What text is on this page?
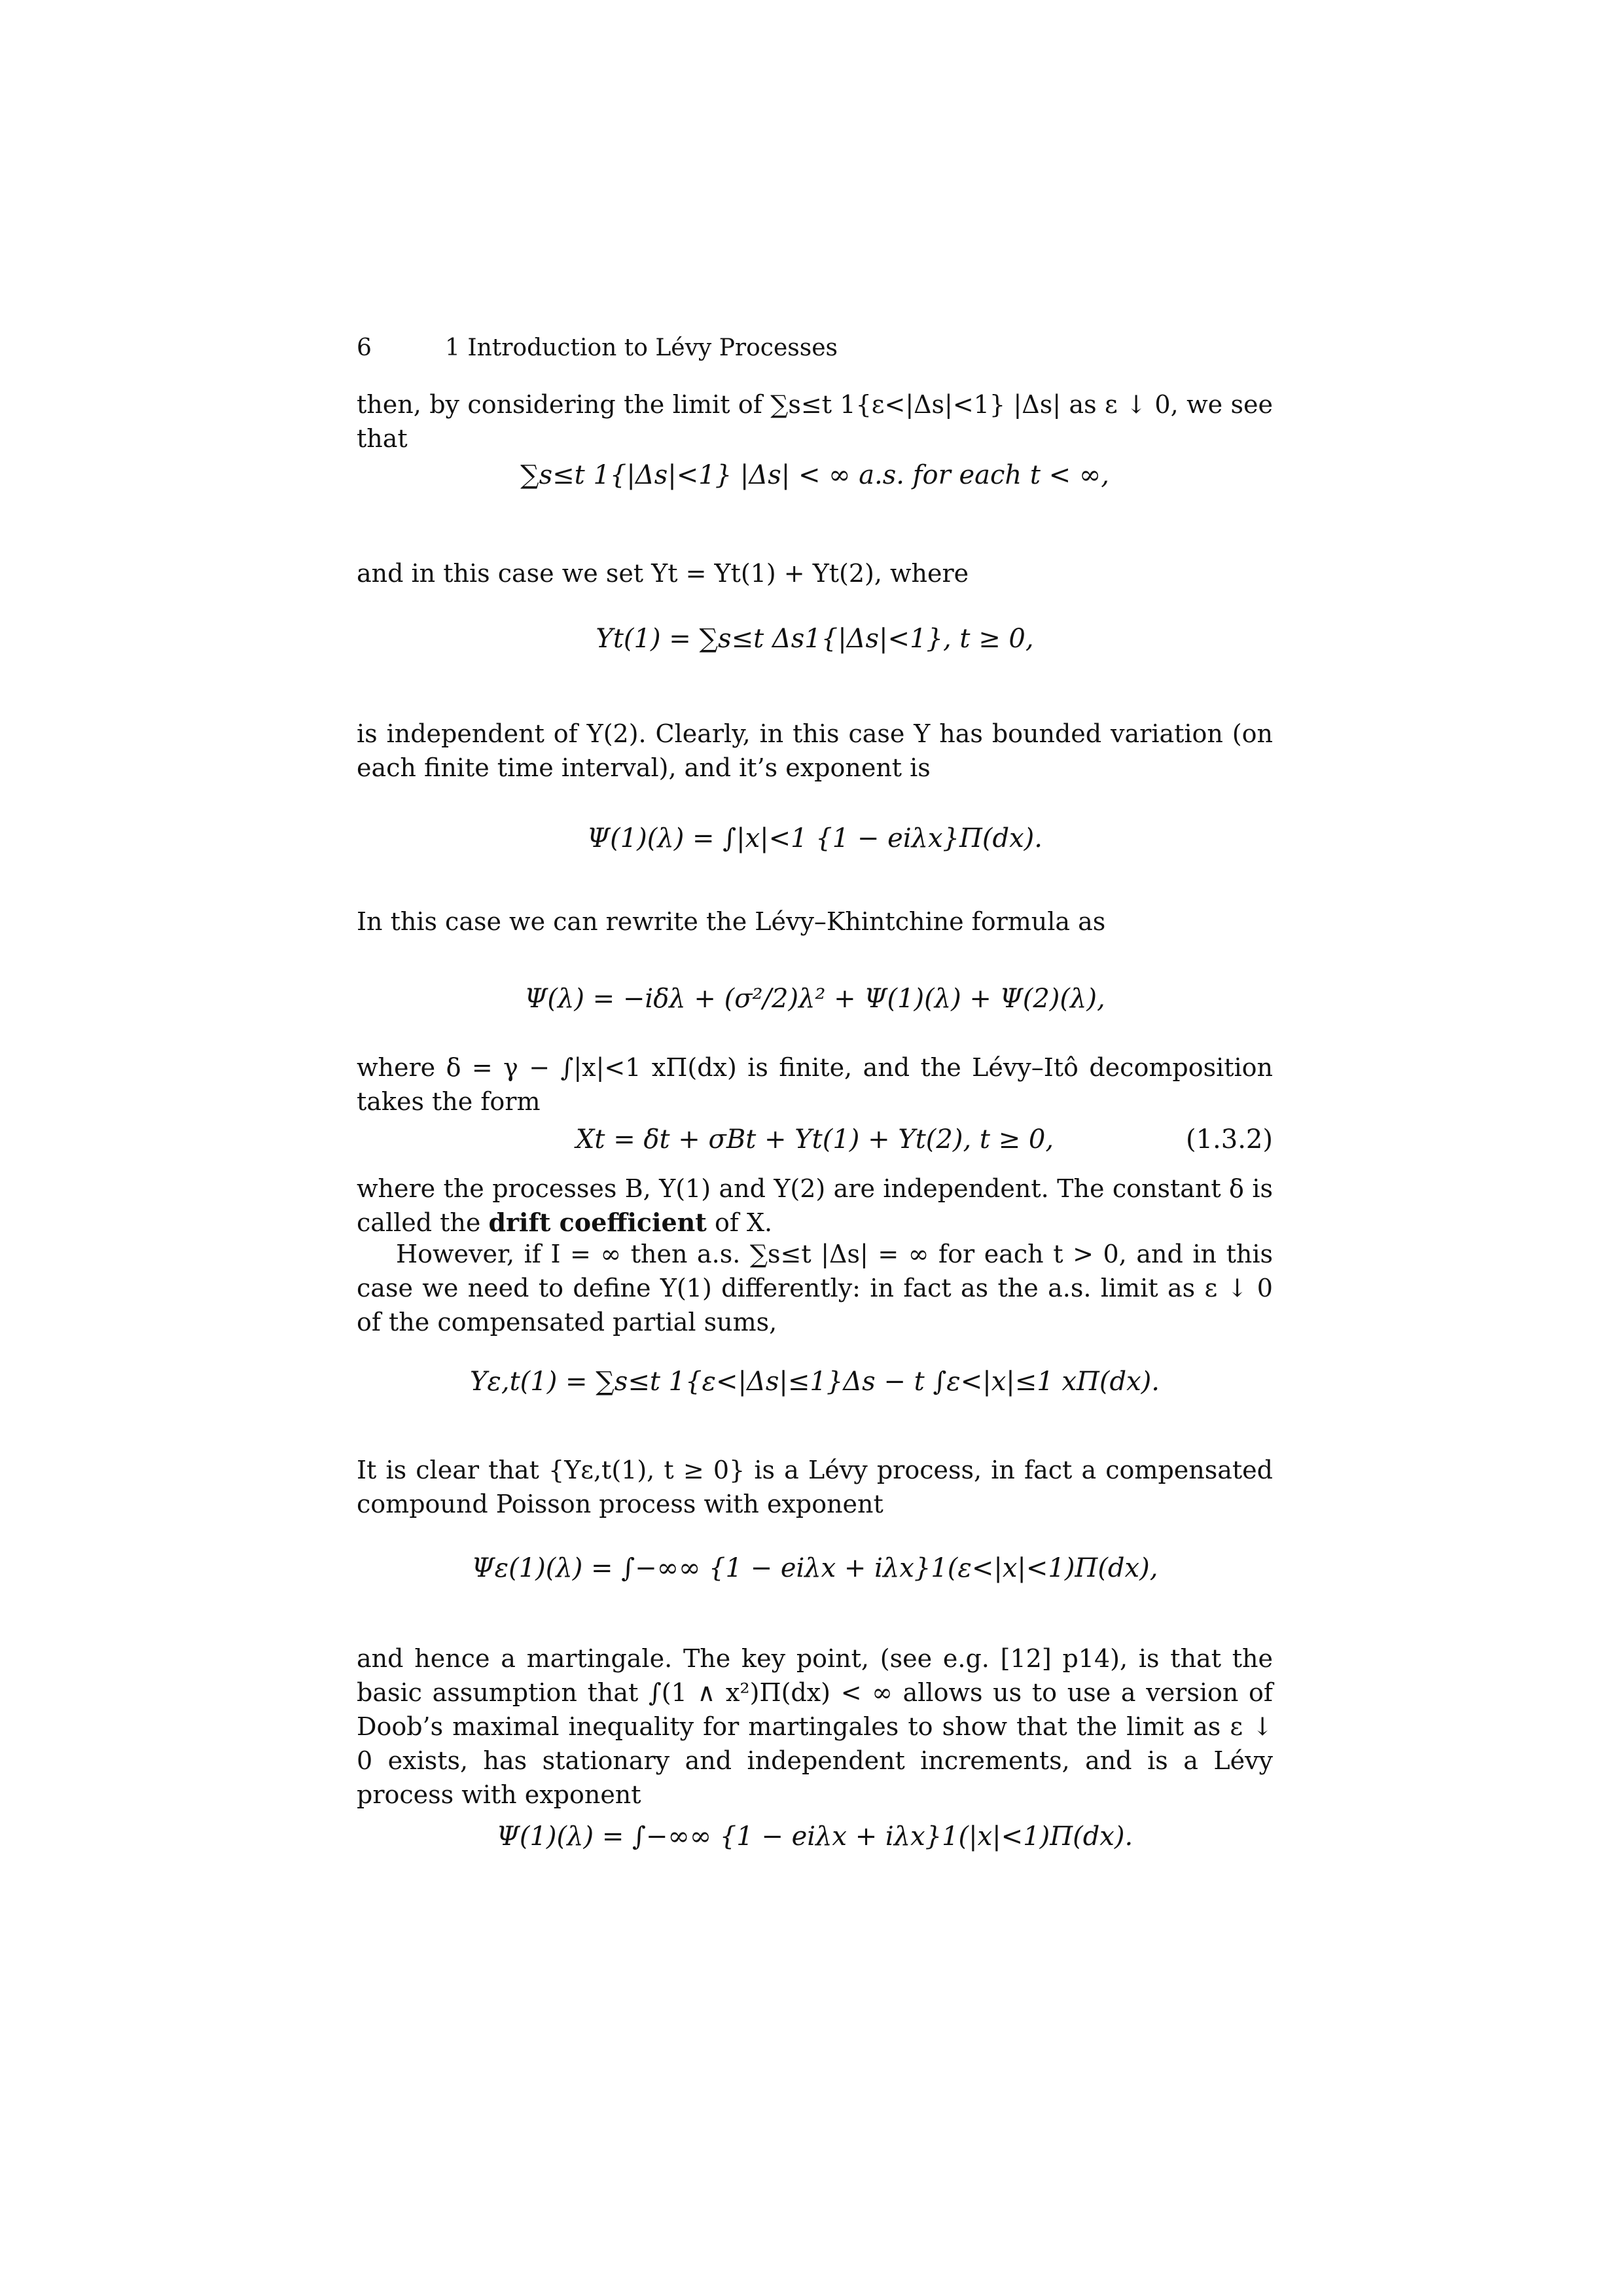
6	1 Introduction to Lévy Processes
then, by considering the limit of ∑s≤t 1{ε<|Δs|<1} |Δs| as ε ↓ 0, we see that
∑s≤t 1{|Δs|<1} |Δs| < ∞ a.s. for each t < ∞,
and in this case we set Yt = Yt(1) + Yt(2), where
Yt(1) = ∑s≤t Δs1{|Δs|<1}, t ≥ 0,
is independent of Y(2). Clearly, in this case Y has bounded variation (on each finite time interval), and it’s exponent is
Ψ(1)(λ) = ∫|x|<1 {1 − eiλx}Π(dx).
In this case we can rewrite the Lévy–Khintchine formula as
Ψ(λ) = −iδλ + (σ²/2)λ² + Ψ(1)(λ) + Ψ(2)(λ),
where δ = γ − ∫|x|<1 xΠ(dx) is finite, and the Lévy–Itô decomposition takes the form
Xt = δt + σBt + Yt(1) + Yt(2), t ≥ 0,	(1.3.2)
where the processes B, Y(1) and Y(2) are independent. The constant δ is called the drift coefficient of X.
However, if I = ∞ then a.s. ∑s≤t |Δs| = ∞ for each t > 0, and in this case we need to define Y(1) differently: in fact as the a.s. limit as ε ↓ 0 of the compensated partial sums,
Yε,t(1) = ∑s≤t 1{ε<|Δs|≤1}Δs − t ∫ε<|x|≤1 xΠ(dx).
It is clear that {Yε,t(1), t ≥ 0} is a Lévy process, in fact a compensated compound Poisson process with exponent
Ψε(1)(λ) = ∫−∞∞ {1 − eiλx + iλx}1(ε<|x|<1)Π(dx),
and hence a martingale. The key point, (see e.g. [12] p14), is that the basic assumption that ∫(1 ∧ x²)Π(dx) < ∞ allows us to use a version of Doob’s maximal inequality for martingales to show that the limit as ε ↓ 0 exists, has stationary and independent increments, and is a Lévy process with exponent
Ψ(1)(λ) = ∫−∞∞ {1 − eiλx + iλx}1(|x|<1)Π(dx).
